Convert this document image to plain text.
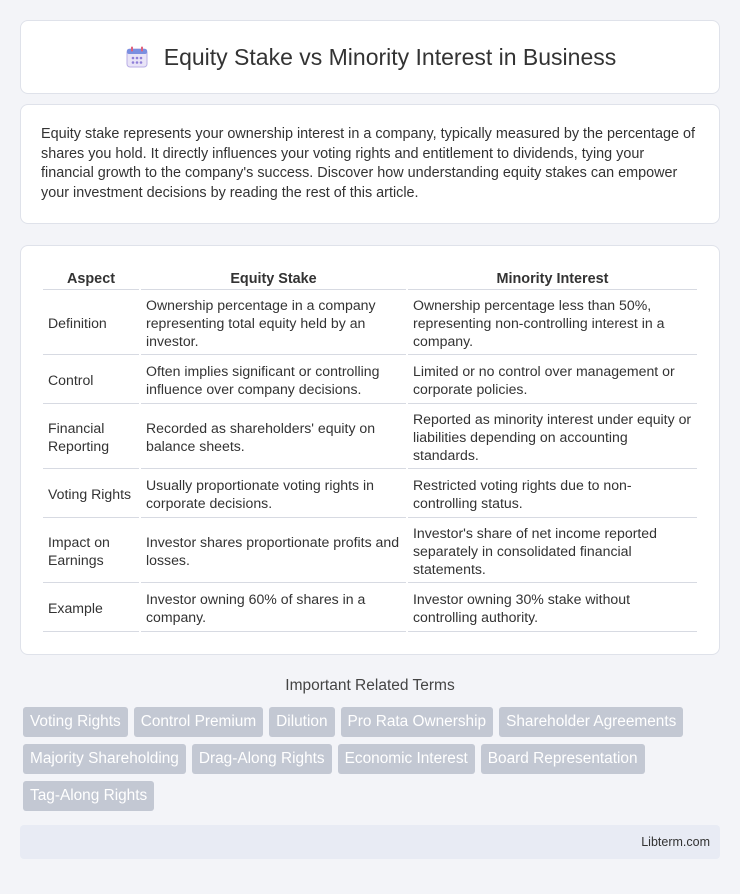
Equity Stake vs Minority Interest in Business

Equity stake represents your ownership interest in a company, typically measured by the percentage of shares you hold. It directly influences your voting rights and entitlement to dividends, tying your financial growth to the company's success. Discover how understanding equity stakes can empower your investment decisions by reading the rest of this article.

Aspect	Equity Stake	Minority Interest
Definition	Ownership percentage in a company representing total equity held by an investor.	Ownership percentage less than 50%, representing non-controlling interest in a company.
Control	Often implies significant or controlling influence over company decisions.	Limited or no control over management or corporate policies.
Financial Reporting	Recorded as shareholders' equity on balance sheets.	Reported as minority interest under equity or liabilities depending on accounting standards.
Voting Rights	Usually proportionate voting rights in corporate decisions.	Restricted voting rights due to non-controlling status.
Impact on Earnings	Investor shares proportionate profits and losses.	Investor's share of net income reported separately in consolidated financial statements.
Example	Investor owning 60% of shares in a company.	Investor owning 30% stake without controlling authority.
Important Related Terms
Voting Rights	Control Premium	Dilution	Pro Rata Ownership	Shareholder Agreements
Majority Shareholding	Drag-Along Rights	Economic Interest	Board Representation
Tag-Along Rights
Libterm.com
